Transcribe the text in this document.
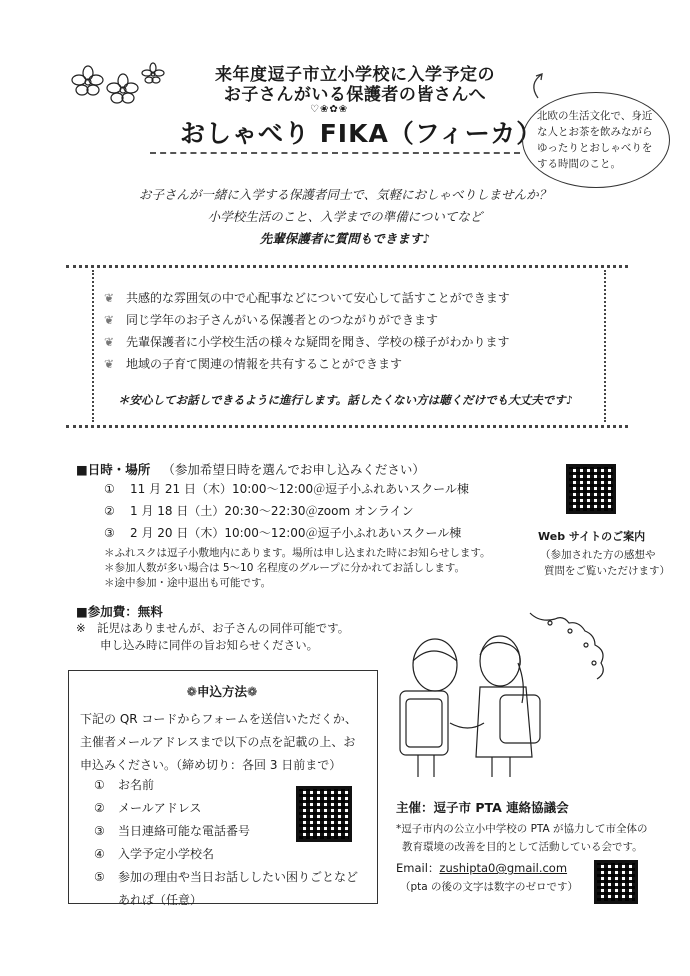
来年度逗子市立小学校に入学予定の
お子さんがいる保護者の皆さんへ
♡❀✿❀
おしゃべり FIKA（フィーカ）

北欧の生活文化で、身近な人とお茶を飲みながらゆったりとおしゃべりをする時間のこと。

お子さんが一緒に入学する保護者同士で、気軽におしゃべりしませんか？
小学校生活のこと、入学までの準備についてなど
先輩保護者に質問もできます♪
❦ 共感的な雰囲気の中で心配事などについて安心して話すことができます
❦ 同じ学年のお子さんがいる保護者とのつながりができます
❦ 先輩保護者に小学校生活の様々な疑問を聞き、学校の様子がわかります
❦ 地域の子育て関連の情報を共有することができます
＊安心してお話しできるように進行します。話したくない方は聴くだけでも大丈夫です♪
■日時・場所 （参加希望日時を選んでお申し込みください）
① 11 月 21 日（木）10:00～12:00＠逗子小ふれあいスクール棟
② 1 月 18 日（土）20:30～22:30＠zoom オンライン
③ 2 月 20 日（木）10:00～12:00＠逗子小ふれあいスクール棟
＊ふれスクは逗子小敷地内にあります。場所は申し込まれた時にお知らせします。
＊参加人数が多い場合は 5～10 名程度のグループに分かれてお話しします。
＊途中参加・途中退出も可能です。
Web サイトのご案内
（参加された方の感想や
質問をご覧いただけます）
■参加費：無料
※　託児はありませんが、お子さんの同伴可能です。
申し込み時に同伴の旨お知らせください。
❁申込方法❁
下記の QR コードからフォームを送信いただくか、
主催者メールアドレスまで以下の点を記載の上、お
申込みください。（締め切り：各回 3 日前まで）
① お名前
② メールアドレス
③ 当日連絡可能な電話番号
④ 入学予定小学校名
⑤ 参加の理由や当日お話ししたい困りごとなど
あれば（任意）
主催：逗子市 PTA 連絡協議会
*逗子市内の公立小中学校の PTA が協力して市全体の
教育環境の改善を目的として活動している会です。
Email：zushipta0@gmail.com
（pta の後の文字は数字のゼロです）
